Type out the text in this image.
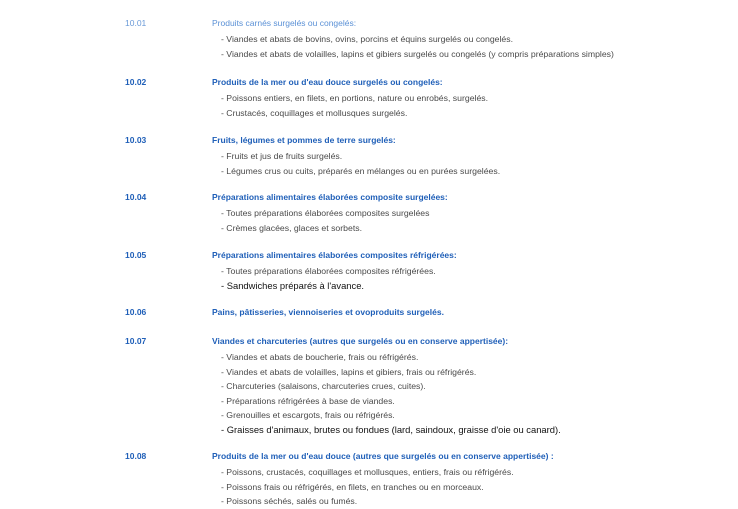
10.01	Produits carnés surgelés ou congelés:
- Viandes et abats de bovins, ovins, porcins et équins surgelés ou congelés.
- Viandes et abats de volailles, lapins et gibiers surgelés ou congelés (y compris préparations simples)
10.02	Produits de la mer ou d'eau douce surgelés ou congelés:
- Poissons entiers, en filets, en portions, nature ou enrobés, surgelés.
- Crustacés, coquillages et mollusques surgelés.
10.03	Fruits, légumes et pommes de terre surgelés:
- Fruits et jus de fruits surgelés.
- Légumes crus ou cuits, préparés en mélanges ou en purées surgelées.
10.04	Préparations alimentaires élaborées composite surgelées:
- Toutes préparations élaborées composites surgelées
- Crèmes glacées, glaces et sorbets.
10.05	Préparations alimentaires élaborées composites réfrigérées:
- Toutes préparations élaborées composites réfrigérées.
- Sandwiches préparés à l'avance.
10.06	Pains, pâtisseries, viennoiseries et ovoproduits surgelés.
10.07	Viandes et charcuteries (autres que surgelés ou en conserve appertisée):
- Viandes et abats de boucherie, frais ou réfrigérés.
- Viandes et abats de volailles, lapins et gibiers, frais ou réfrigérés.
- Charcuteries (salaisons, charcuteries crues, cuites).
- Préparations réfrigérées à base de viandes.
- Grenouilles et escargots, frais ou réfrigérés.
- Graisses d'animaux, brutes ou fondues (lard, saindoux, graisse d'oie ou canard).
10.08	Produits de la mer ou d'eau douce (autres que surgelés ou en conserve appertisée) :
- Poissons, crustacés, coquillages et mollusques, entiers, frais ou réfrigérés.
- Poissons frais ou réfrigérés, en filets, en tranches ou en morceaux.
- Poissons séchés, salés ou fumés.
